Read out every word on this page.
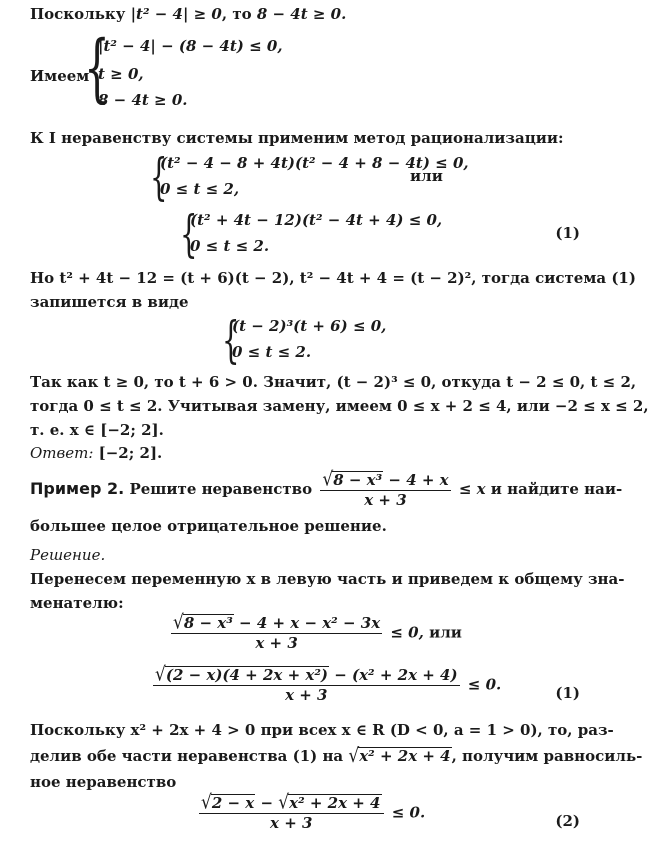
Поскольку |t² − 4| ≥ 0, то 8 − 4t ≥ 0.
Имеем
{
|t² − 4| − (8 − 4t) ≤ 0,
t ≥ 0,
8 − 4t ≥ 0.
К I неравенству системы применим метод рационализации:
{
(t² − 4 − 8 + 4t)(t² − 4 + 8 − 4t) ≤ 0,
0 ≤ t ≤ 2,
или
{
(t² + 4t − 12)(t² − 4t + 4) ≤ 0,
0 ≤ t ≤ 2.
(1)
Но t² + 4t − 12 = (t + 6)(t − 2), t² − 4t + 4 = (t − 2)², тогда система (1)
запишется в виде
{
(t − 2)³(t + 6) ≤ 0,
0 ≤ t ≤ 2.
Так как t ≥ 0, то t + 6 > 0. Значит, (t − 2)³ ≤ 0, откуда t − 2 ≤ 0, t ≤ 2,
тогда 0 ≤ t ≤ 2. Учитывая замену, имеем 0 ≤ x + 2 ≤ 4, или −2 ≤ x ≤ 2,
т. е. x ∈ [−2; 2].
Ответ: [−2; 2].
Пример 2. Решите неравенство $\frac{\text{√8 − x³ − 4 + x}}{x + 3} \le x$ и найдите наи-
большее целое отрицательное решение.
Решение.
Перенесем переменную x в левую часть и приведем к общему зна-
менателю:
$\frac{\text{√8 − x³ − 4 + x − x² − 3x}}{x + 3} \le 0$, или
$\frac{\text{√(2 − x)(4 + 2x + x²) − (x² + 2x + 4)}}{x + 3} \le 0$.	(1)
Поскольку x² + 2x + 4 > 0 при всех x ∈ R (D < 0, a = 1 > 0), то, раз-
делив обе части неравенства (1) на √x² + 2x + 4, получим равносиль-
ное неравенство
$\frac{\text{√2 − x − √x² + 2x + 4}}{x + 3} \le 0$.	(2)
